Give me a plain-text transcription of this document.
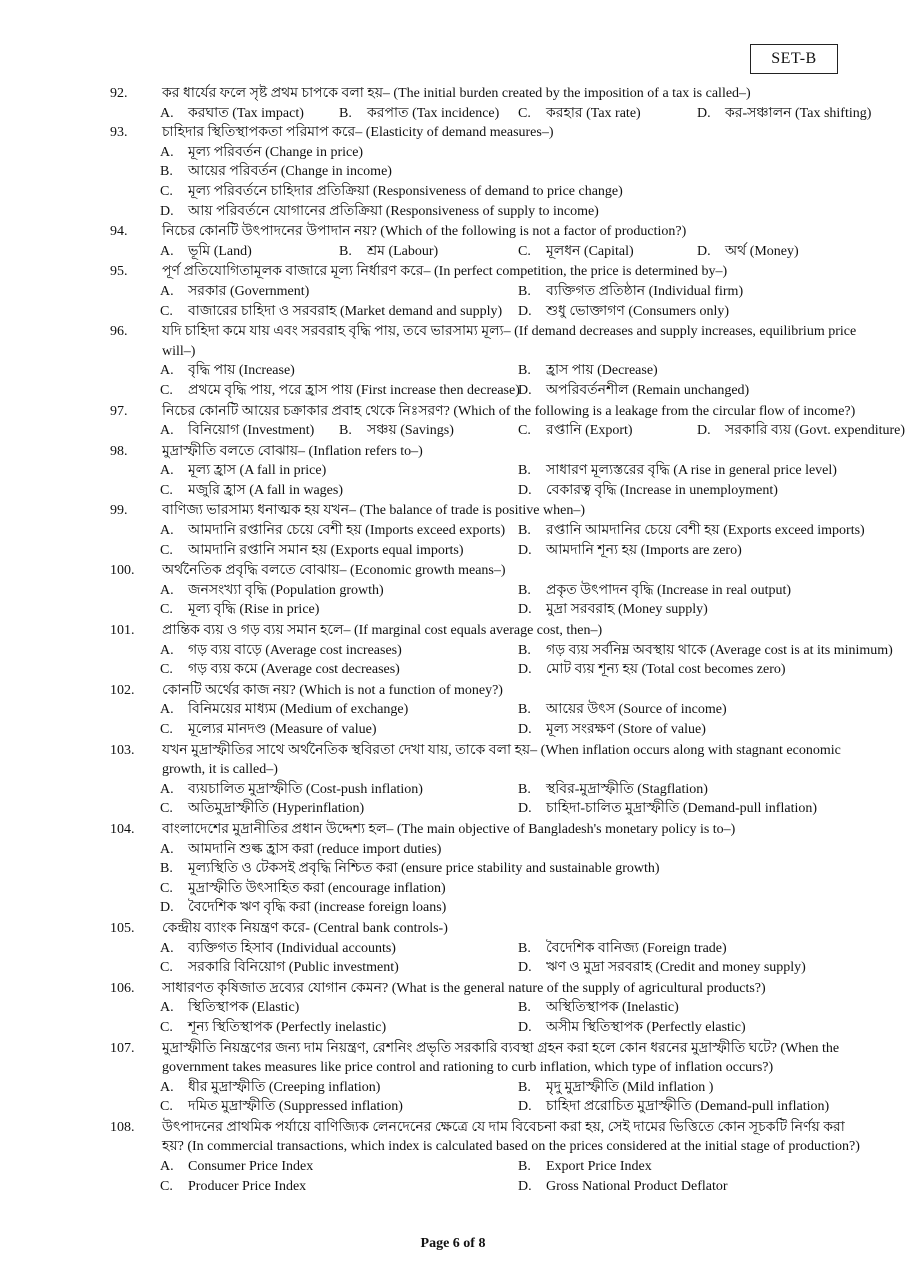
SET-B
92.	কর ধার্যের ফলে সৃষ্ট প্রথম চাপকে বলা হয়– (The initial burden created by the imposition of a tax is called–)
A.	করঘাত (Tax impact)	B.	করপাত (Tax incidence)	C.	করহার (Tax rate)	D.	কর-সঞ্চালন (Tax shifting)
93.	চাহিদার স্থিতিস্থাপকতা পরিমাপ করে– (Elasticity of demand measures–)
A.	মূল্য পরিবর্তন (Change in price)
B.	আয়ের পরিবর্তন (Change in income)
C.	মূল্য পরিবর্তনে চাহিদার প্রতিক্রিয়া (Responsiveness of demand to price change)
D.	আয় পরিবর্তনে যোগানের প্রতিক্রিয়া (Responsiveness of supply to income)
94.	নিচের কোনটি উৎপাদনের উপাদান নয়? (Which of the following is not a factor of production?)
A.	ভূমি (Land)	B.	শ্রম (Labour)	C.	মূলধন (Capital)	D.	অর্থ (Money)
95.	পূর্ণ প্রতিযোগিতামূলক বাজারে মূল্য নির্ধারণ করে– (In perfect competition, the price is determined by–)
A.	সরকার (Government)	B.	ব্যক্তিগত প্রতিষ্ঠান (Individual firm)
C.	বাজারের চাহিদা ও সরবরাহ (Market demand and supply)	D.	শুধু ভোক্তাগণ (Consumers only)
96.	যদি চাহিদা কমে যায় এবং সরবরাহ বৃদ্ধি পায়, তবে ভারসাম্য মূল্য– (If demand decreases and supply increases, equilibrium price will–)
A.	বৃদ্ধি পায় (Increase)	B.	হ্রাস পায় (Decrease)
C.	প্রথমে বৃদ্ধি পায়, পরে হ্রাস পায় (First increase then decrease)
D.	অপরিবর্তনশীল (Remain unchanged)
97.	নিচের কোনটি আয়ের চক্রাকার প্রবাহ থেকে নিঃসরণ? (Which of the following is a leakage from the circular flow of income?)
A.	বিনিয়োগ (Investment)	B.	সঞ্চয় (Savings)	C.	রপ্তানি (Export)	D.	সরকারি ব্যয় (Govt. expenditure)
98.	মুদ্রাস্ফীতি বলতে বোঝায়– (Inflation refers to–)
A.	মূল্য হ্রাস (A fall in price)	B.	সাধারণ মূল্যস্তরের বৃদ্ধি (A rise in general price level)
C.	মজুরি হ্রাস (A fall in wages)	D.	বেকারত্ব বৃদ্ধি (Increase in unemployment)
99.	বাণিজ্য ভারসাম্য ধনাত্মক হয় যখন– (The balance of trade is positive when–)
A.	আমদানি রপ্তানির চেয়ে বেশী হয় (Imports exceed exports) B.	রপ্তানি আমদানির চেয়ে বেশী হয় (Exports exceed imports)
C.	আমদানি রপ্তানি সমান হয় (Exports equal imports)	D.	আমদানি শূন্য হয় (Imports are zero)
100.	অর্থনৈতিক প্রবৃদ্ধি বলতে বোঝায়– (Economic growth means–)
A.	জনসংখ্যা বৃদ্ধি (Population growth)	B.	প্রকৃত উৎপাদন বৃদ্ধি (Increase in real output)
C.	মূল্য বৃদ্ধি (Rise in price)	D.	মুদ্রা সরবরাহ (Money supply)
101.	প্রান্তিক ব্যয় ও গড় ব্যয় সমান হলে– (If marginal cost equals average cost, then–)
A.	গড় ব্যয় বাড়ে (Average cost increases)	B.	গড় ব্যয় সর্বনিম্ন অবস্থায় থাকে (Average cost is at its minimum)
C.	গড় ব্যয় কমে (Average cost decreases)	D.	মোট ব্যয় শূন্য হয় (Total cost becomes zero)
102.	কোনটি অর্থের কাজ নয়? (Which is not a function of money?)
A.	বিনিময়ের মাধ্যম (Medium of exchange)	B.	আয়ের উৎস (Source of income)
C.	মূল্যের মানদণ্ড (Measure of value)	D.	মূল্য সংরক্ষণ (Store of value)
103.	যখন মুদ্রাস্ফীতির সাথে অর্থনৈতিক স্থবিরতা দেখা যায়, তাকে বলা হয়– (When inflation occurs along with stagnant economic growth, it is called–)
A.	ব্যয়চালিত মুদ্রাস্ফীতি (Cost-push inflation)	B.	স্থবির-মুদ্রাস্ফীতি (Stagflation)
C.	অতিমুদ্রাস্ফীতি (Hyperinflation)	D.	চাহিদা-চালিত মুদ্রাস্ফীতি (Demand-pull inflation)
104.	বাংলাদেশের মুদ্রানীতির প্রধান উদ্দেশ্য হল– (The main objective of Bangladesh's monetary policy is to–)
A.	আমদানি শুল্ক হ্রাস করা (reduce import duties)
B.	মূল্যস্থিতি ও টেকসই প্রবৃদ্ধি নিশ্চিত করা (ensure price stability and sustainable growth)
C.	মুদ্রাস্ফীতি উৎসাহিত করা (encourage inflation)
D.	বৈদেশিক ঋণ বৃদ্ধি করা (increase foreign loans)
105.	কেন্দ্রীয় ব্যাংক নিয়ন্ত্রণ করে- (Central bank controls-)
A.	ব্যক্তিগত হিসাব (Individual accounts)	B.	বৈদেশিক বানিজ্য (Foreign trade)
C.	সরকারি বিনিয়োগ (Public investment)	D.	ঋণ ও মুদ্রা সরবরাহ (Credit and money supply)
106.	সাধারণত কৃষিজাত দ্রব্যের যোগান কেমন? (What is the general nature of the supply of agricultural products?)
A.	স্থিতিস্থাপক (Elastic)	B.	অস্থিতিস্থাপক (Inelastic)
C.	শূন্য স্থিতিস্থাপক (Perfectly inelastic)	D.	অসীম স্থিতিস্থাপক (Perfectly elastic)
107.	মুদ্রাস্ফীতি নিয়ন্ত্রণের জন্য দাম নিয়ন্ত্রণ, রেশনিং প্রভৃতি সরকারি ব্যবস্থা গ্রহন করা হলে কোন ধরনের মুদ্রাস্ফীতি ঘটে? (When the government takes measures like price control and rationing to curb inflation, which type of inflation occurs?)
A.	ধীর মুদ্রাস্ফীতি (Creeping inflation)	B.	মৃদু মুদ্রাস্ফীতি (Mild inflation )
C.	দমিত মুদ্রাস্ফীতি (Suppressed inflation)	D.	চাহিদা প্ররোচিত মুদ্রাস্ফীতি (Demand-pull inflation)
108.	উৎপাদনের প্রাথমিক পর্যায়ে বাণিজ্যিক লেনদেনের ক্ষেত্রে যে দাম বিবেচনা করা হয়, সেই দামের ভিত্তিতে কোন সূচকটি নির্ণয় করা হয়? (In commercial transactions, which index is calculated based on the prices considered at the initial stage of production?)
A.	Consumer Price Index	B.	Export Price Index
C.	Producer Price Index	D.	Gross National Product Deflator
Page 6 of 8
